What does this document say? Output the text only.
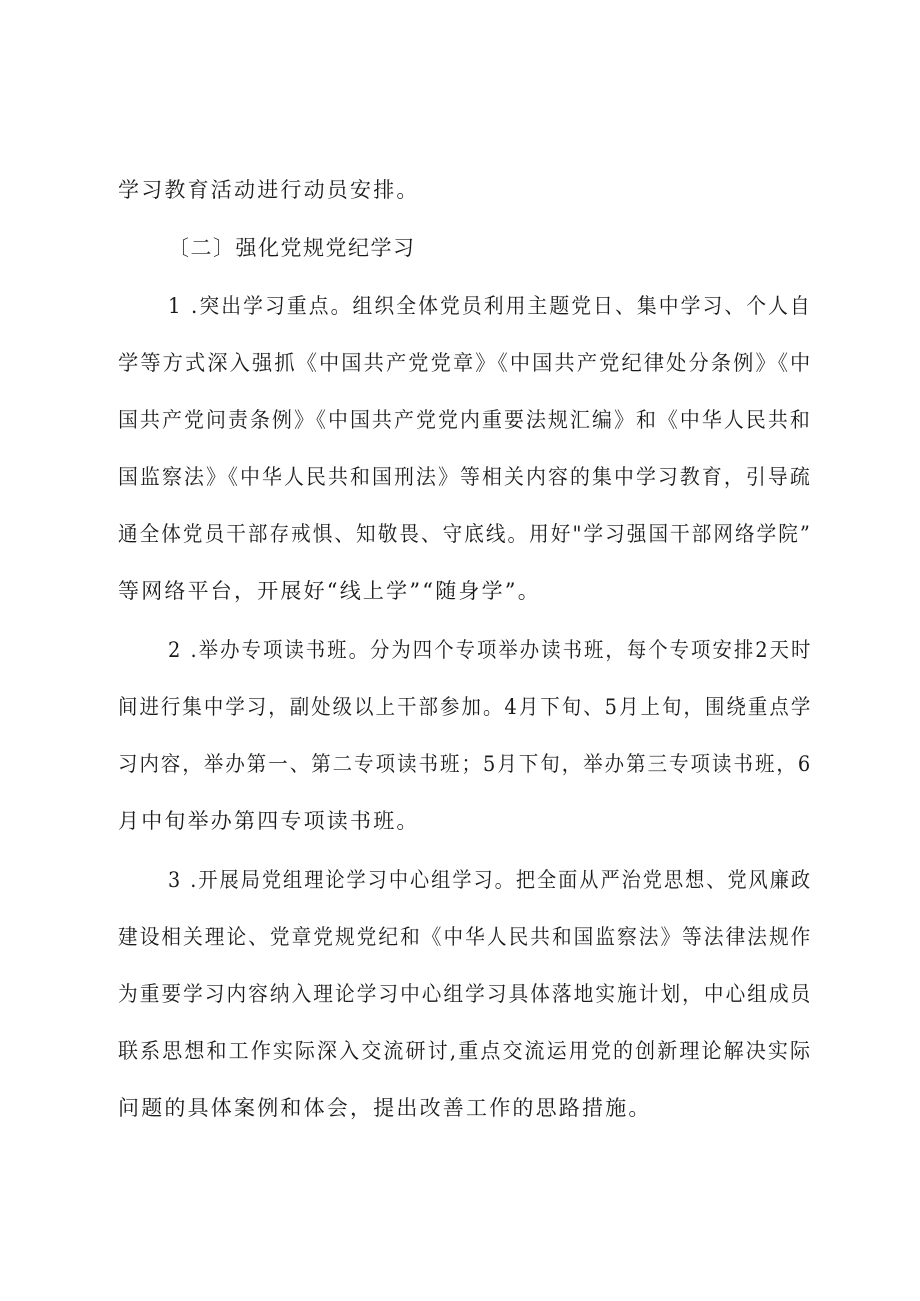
学习教育活动进行动员安排。
〔二〕强化党规党纪学习
1 .突出学习重点。组织全体党员利用主题党日、集中学习、个人自
学等方式深入强抓《中国共产党党章》《中国共产党纪律处分条例》《中
国共产党问责条例》《中国共产党党内重要法规汇编》和《中华人民共和
国监察法》《中华人民共和国刑法》等相关内容的集中学习教育，引导疏
通全体党员干部存戒惧、知敬畏、守底线。用好"学习强国干部网络学院”
等网络平台，开展好“线上学”“随身学”。
2 .举办专项读书班。分为四个专项举办读书班，每个专项安排2天时
间进行集中学习，副处级以上干部参加。4月下旬、5月上旬，围绕重点学
习内容，举办第一、第二专项读书班；5月下旬，举办第三专项读书班，6
月中旬举办第四专项读书班。
3 .开展局党组理论学习中心组学习。把全面从严治党思想、党风廉政
建设相关理论、党章党规党纪和《中华人民共和国监察法》等法律法规作
为重要学习内容纳入理论学习中心组学习具体落地实施计划，中心组成员
联系思想和工作实际深入交流研讨,重点交流运用党的创新理论解决实际
问题的具体案例和体会，提出改善工作的思路措施。
